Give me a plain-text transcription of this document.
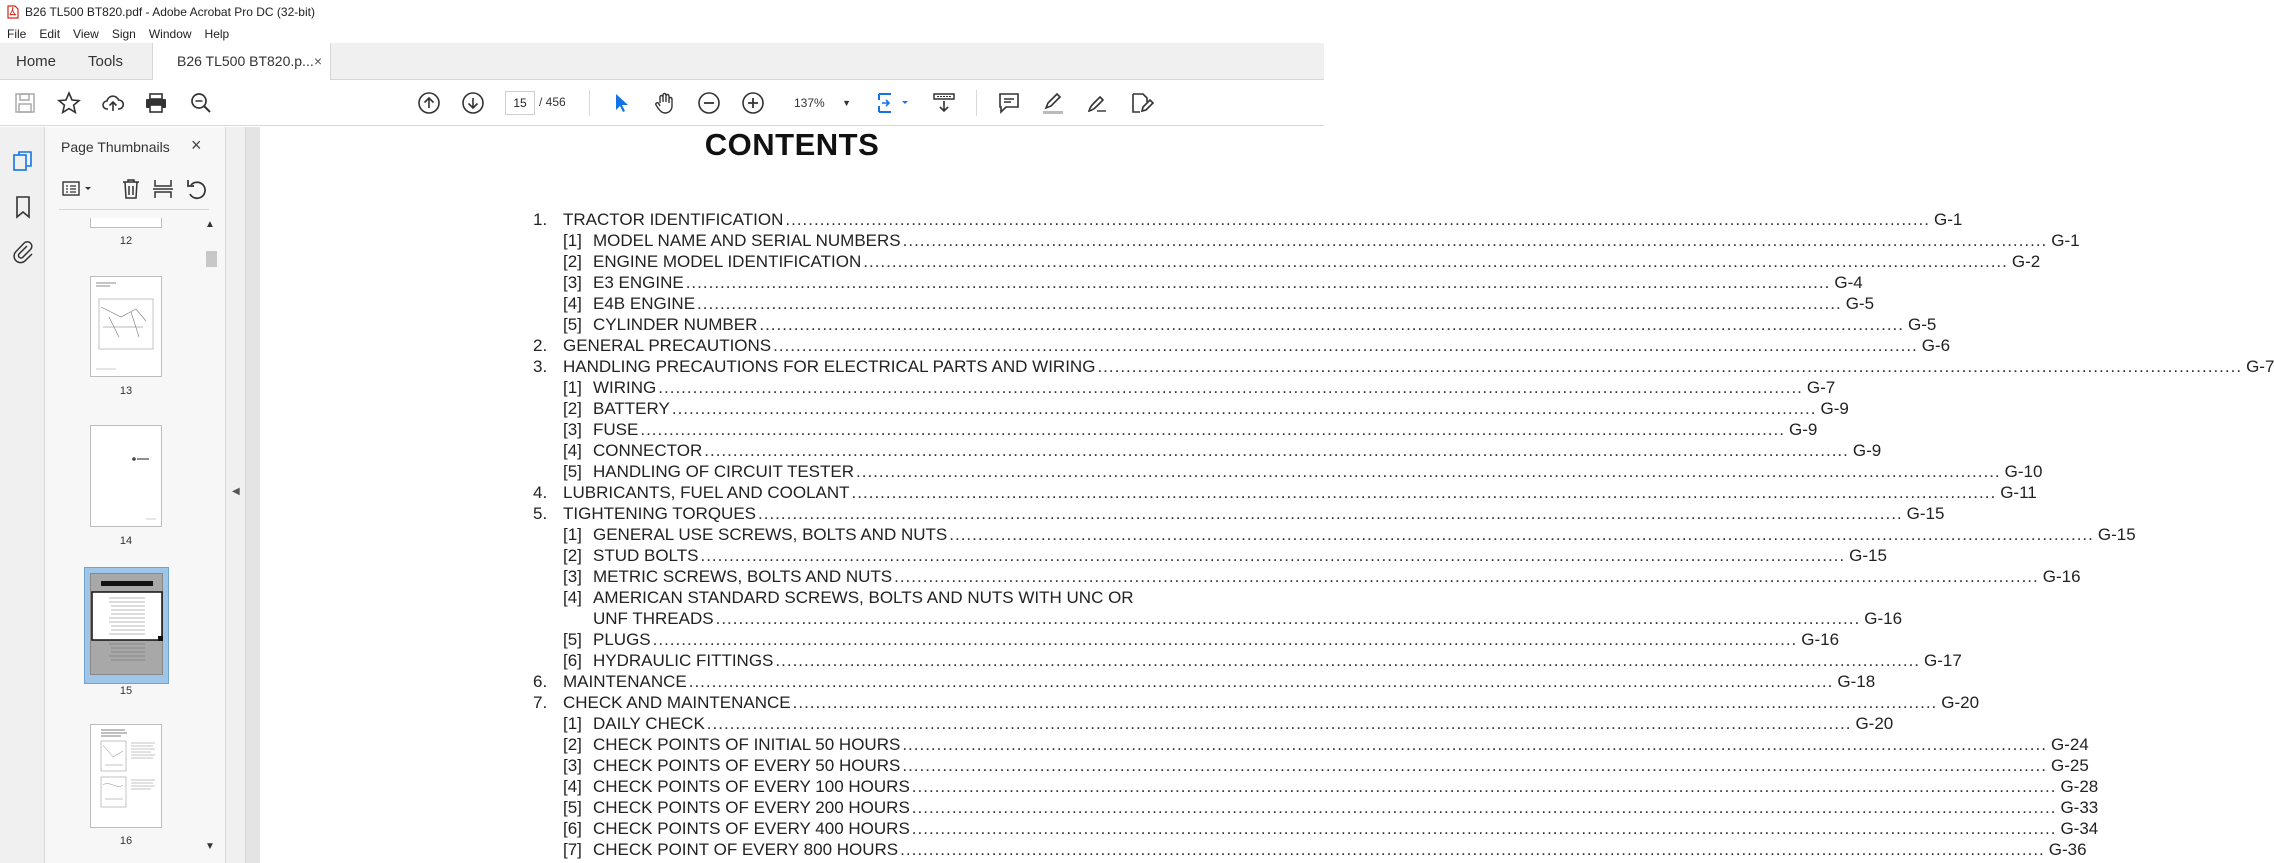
B26 TL500 BT820.pdf - Adobe Acrobat Pro DC (32-bit)
File	Edit	View	Sign	Window	Help
Home Tools	B26 TL500 BT820.p... ×
15	/ 456	137% ▼
Page Thumbnails ×
▲
▼
12
13
14
15
16
◀
CONTENTS
1. TRACTOR IDENTIFICATION ........................................................................................................................................................................................................ G-1
[1] MODEL NAME AND SERIAL NUMBERS ........................................................................................................................................................................................................ G-1
[2] ENGINE MODEL IDENTIFICATION ........................................................................................................................................................................................................ G-2
[3] E3 ENGINE ........................................................................................................................................................................................................ G-4
[4] E4B ENGINE ........................................................................................................................................................................................................ G-5
[5] CYLINDER NUMBER ........................................................................................................................................................................................................ G-5
2. GENERAL PRECAUTIONS ........................................................................................................................................................................................................ G-6
3. HANDLING PRECAUTIONS FOR ELECTRICAL PARTS AND WIRING ........................................................................................................................................................................................................ G-7
[1] WIRING ........................................................................................................................................................................................................ G-7
[2] BATTERY ........................................................................................................................................................................................................ G-9
[3] FUSE ........................................................................................................................................................................................................ G-9
[4] CONNECTOR ........................................................................................................................................................................................................ G-9
[5] HANDLING OF CIRCUIT TESTER ........................................................................................................................................................................................................ G-10
4. LUBRICANTS, FUEL AND COOLANT ........................................................................................................................................................................................................ G-11
5. TIGHTENING TORQUES ........................................................................................................................................................................................................ G-15
[1] GENERAL USE SCREWS, BOLTS AND NUTS ........................................................................................................................................................................................................ G-15
[2] STUD BOLTS ........................................................................................................................................................................................................ G-15
[3] METRIC SCREWS, BOLTS AND NUTS ........................................................................................................................................................................................................ G-16
[4] AMERICAN STANDARD SCREWS, BOLTS AND NUTS WITH UNC OR
UNF THREADS ........................................................................................................................................................................................................ G-16
[5] PLUGS ........................................................................................................................................................................................................ G-16
[6] HYDRAULIC FITTINGS ........................................................................................................................................................................................................ G-17
6. MAINTENANCE ........................................................................................................................................................................................................ G-18
7. CHECK AND MAINTENANCE ........................................................................................................................................................................................................ G-20
[1] DAILY CHECK ........................................................................................................................................................................................................ G-20
[2] CHECK POINTS OF INITIAL 50 HOURS ........................................................................................................................................................................................................ G-24
[3] CHECK POINTS OF EVERY 50 HOURS ........................................................................................................................................................................................................ G-25
[4] CHECK POINTS OF EVERY 100 HOURS ........................................................................................................................................................................................................ G-28
[5] CHECK POINTS OF EVERY 200 HOURS ........................................................................................................................................................................................................ G-33
[6] CHECK POINTS OF EVERY 400 HOURS ........................................................................................................................................................................................................ G-34
[7] CHECK POINT OF EVERY 800 HOURS ........................................................................................................................................................................................................ G-36
